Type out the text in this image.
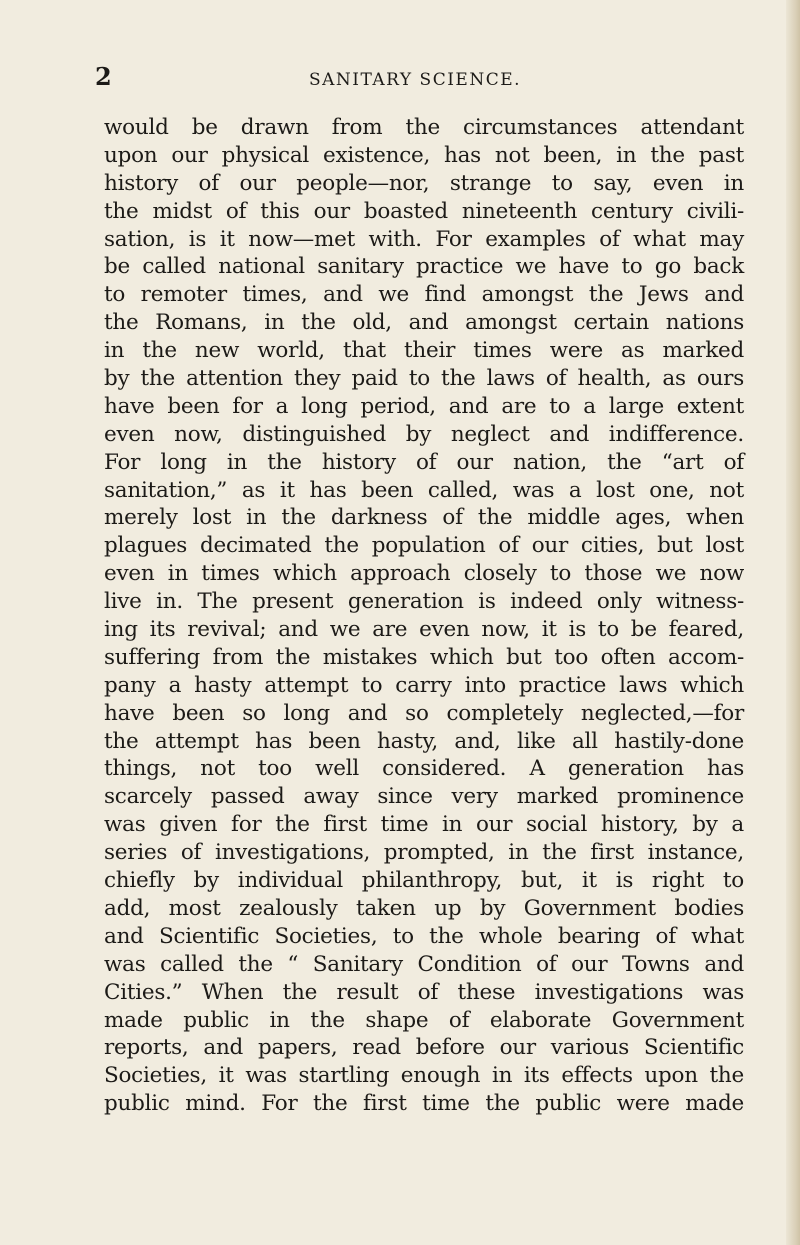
2	SANITARY SCIENCE.
would be drawn from the circumstances attendant
upon our physical existence, has not been, in the past
history of our people—nor, strange to say, even in
the midst of this our boasted nineteenth century civili-
sation, is it now—met with. For examples of what may
be called national sanitary practice we have to go back
to remoter times, and we find amongst the Jews and
the Romans, in the old, and amongst certain nations
in the new world, that their times were as marked
by the attention they paid to the laws of health, as ours
have been for a long period, and are to a large extent
even now, distinguished by neglect and indifference.
For long in the history of our nation, the “art of
sanitation,” as it has been called, was a lost one, not
merely lost in the darkness of the middle ages, when
plagues decimated the population of our cities, but lost
even in times which approach closely to those we now
live in. The present generation is indeed only witness-
ing its revival; and we are even now, it is to be feared,
suffering from the mistakes which but too often accom-
pany a hasty attempt to carry into practice laws which
have been so long and so completely neglected,—for
the attempt has been hasty, and, like all hastily-done
things, not too well considered. A generation has
scarcely passed away since very marked prominence
was given for the first time in our social history, by a
series of investigations, prompted, in the first instance,
chiefly by individual philanthropy, but, it is right to
add, most zealously taken up by Government bodies
and Scientific Societies, to the whole bearing of what
was called the “ Sanitary Condition of our Towns and
Cities.” When the result of these investigations was
made public in the shape of elaborate Government
reports, and papers, read before our various Scientific
Societies, it was startling enough in its effects upon the
public mind. For the first time the public were made
